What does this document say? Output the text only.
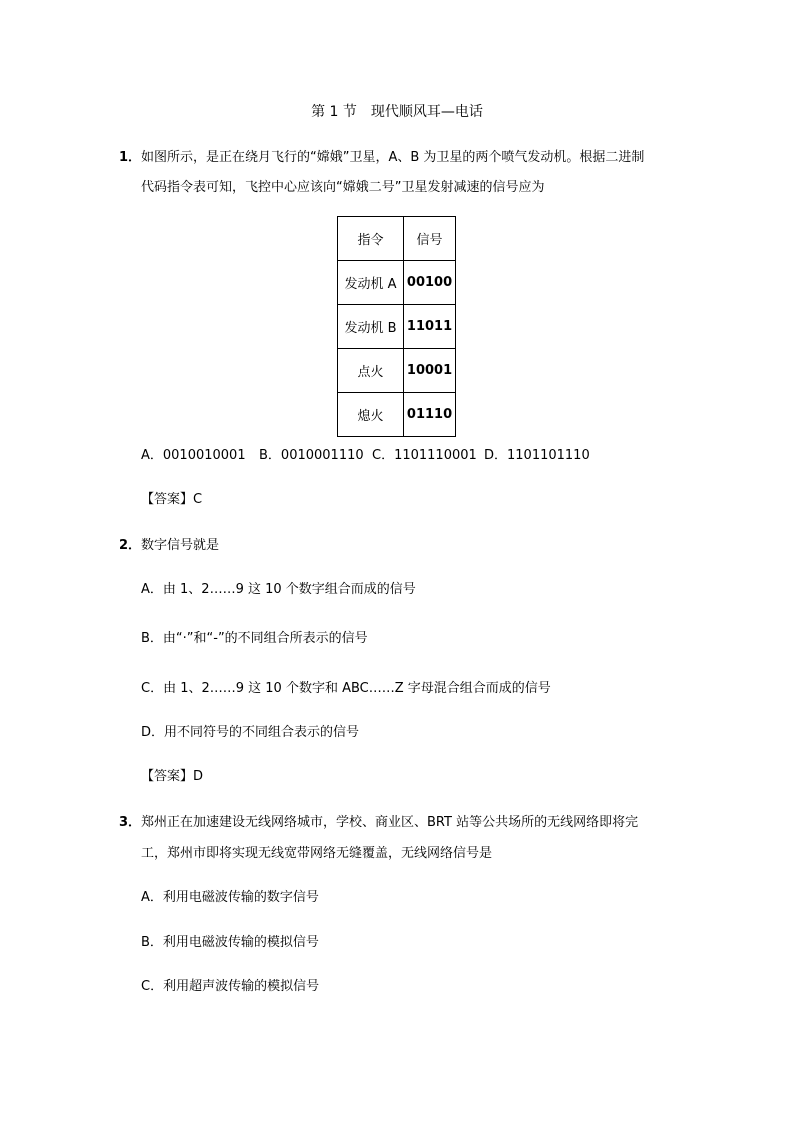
第 1 节　现代顺风耳—电话
1． 如图所示，是正在绕月飞行的“嫦娥”卫星，A、B 为卫星的两个喷气发动机。根据二进制
代码指令表可知，飞控中心应该向“嫦娥二号”卫星发射减速的信号应为
指令	信号
发动机 A	00100
发动机 B	11011
点火	10001
熄火	01110
A．0010010001 B．0010001110 C．1101110001 D．1101101110
【答案】C
2． 数字信号就是
A．由 1、2……9 这 10 个数字组合而成的信号
B．由“·”和“-”的不同组合所表示的信号
C．由 1、2……9 这 10 个数字和 ABC……Z 字母混合组合而成的信号
D．用不同符号的不同组合表示的信号
【答案】D
3． 郑州正在加速建设无线网络城市，学校、商业区、BRT 站等公共场所的无线网络即将完
工，郑州市即将实现无线宽带网络无缝覆盖，无线网络信号是
A．利用电磁波传输的数字信号
B．利用电磁波传输的模拟信号
C．利用超声波传输的模拟信号
